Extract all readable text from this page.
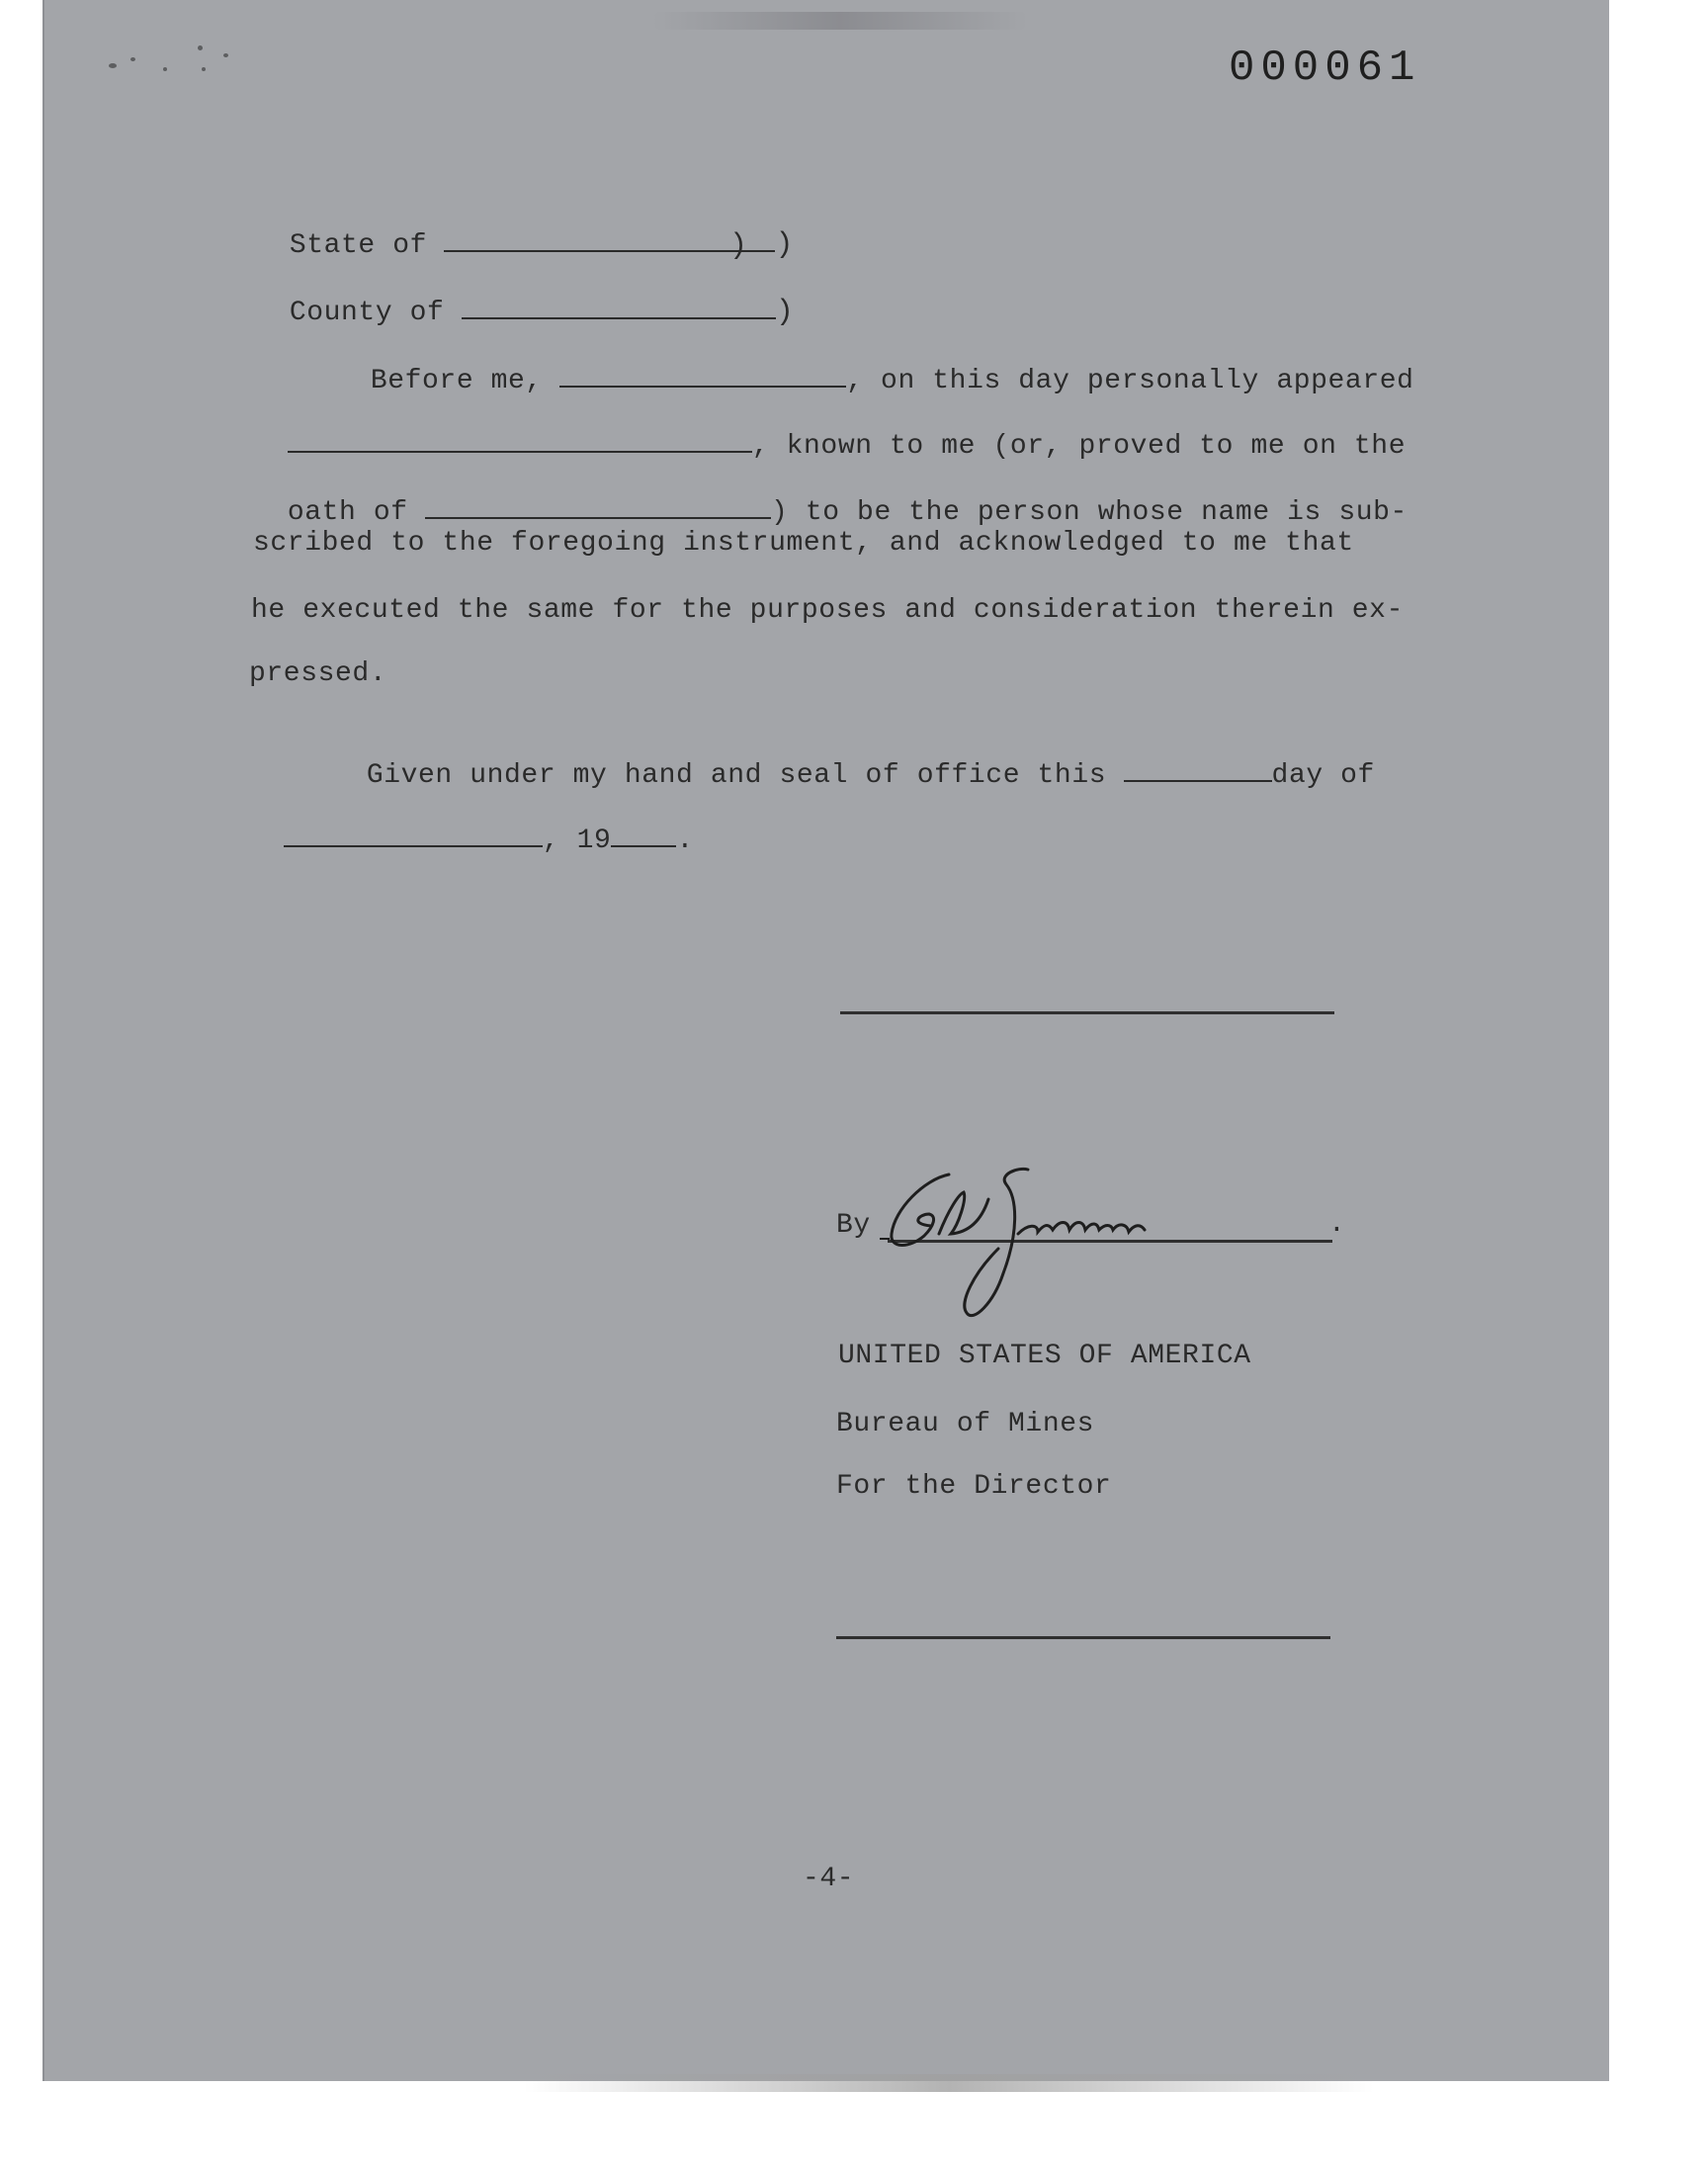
000061

State of	)

)

County of	)

Before me,	, on this day personally appeared

, known to me (or, proved to me on the

oath of	) to be the person whose name is sub-

scribed to the foregoing instrument, and acknowledged to me that
he executed the same for the purposes and consideration therein ex-
pressed.

Given under my hand and seal of office this	day of

, 19 .

By	.
UNITED STATES OF AMERICA
Bureau of Mines
For the Director
-4-
